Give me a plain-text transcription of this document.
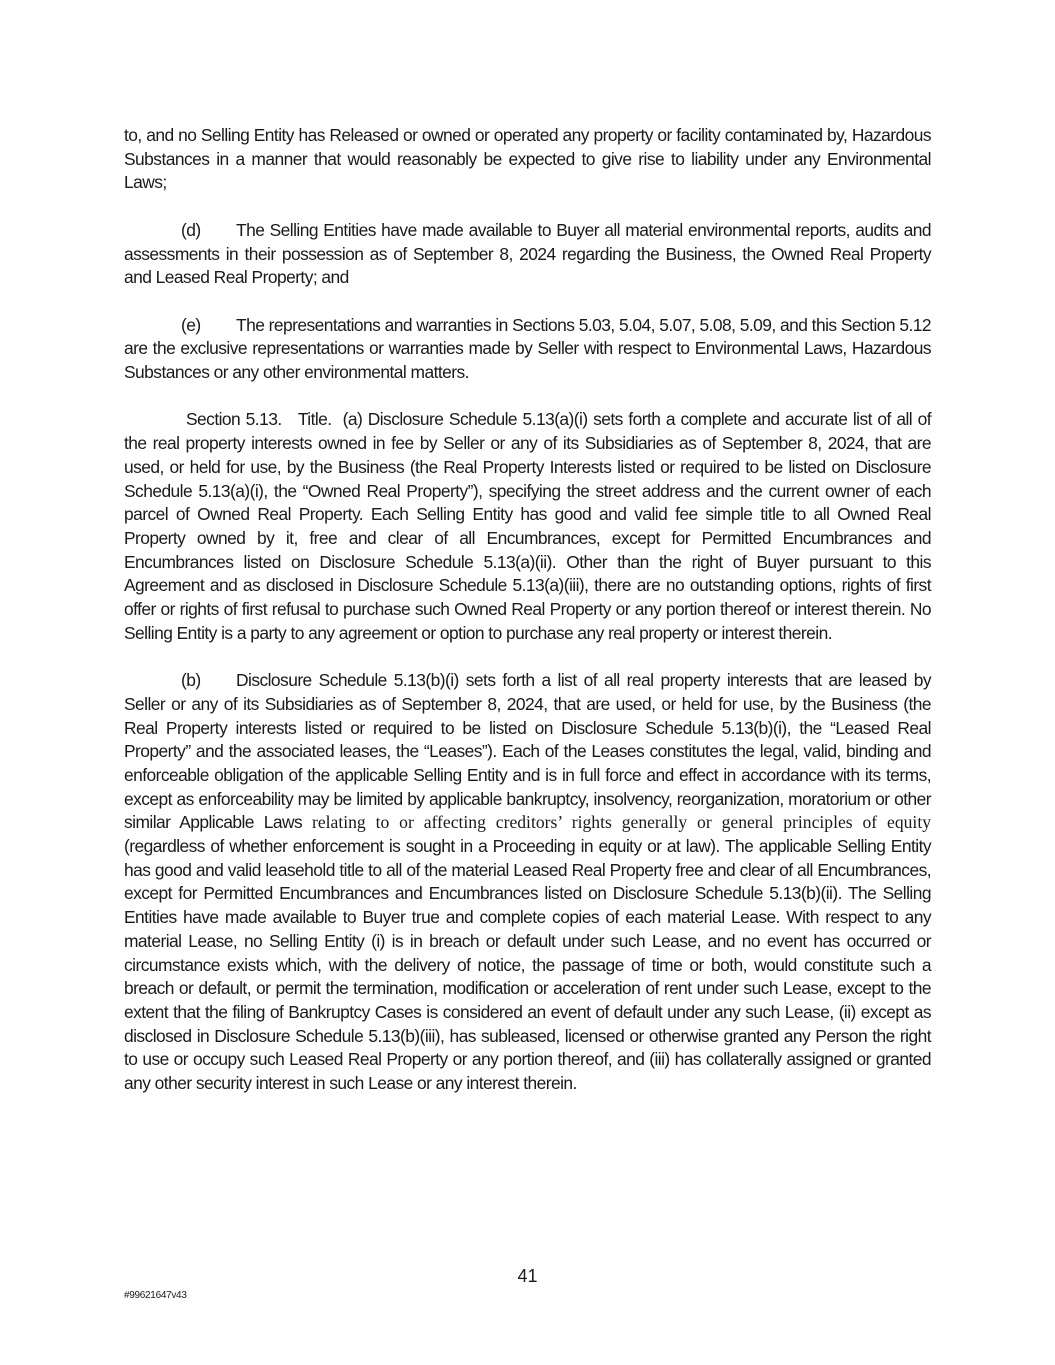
to, and no Selling Entity has Released or owned or operated any property or facility contaminated by, Hazardous Substances in a manner that would reasonably be expected to give rise to liability under any Environmental Laws;

(d) The Selling Entities have made available to Buyer all material environmental reports, audits and assessments in their possession as of September 8, 2024 regarding the Business, the Owned Real Property and Leased Real Property; and

(e) The representations and warranties in Sections 5.03, 5.04, 5.07, 5.08, 5.09, and this Section 5.12 are the exclusive representations or warranties made by Seller with respect to Environmental Laws, Hazardous Substances or any other environmental matters.

Section 5.13. Title. (a) Disclosure Schedule 5.13(a)(i) sets forth a complete and accurate list of all of the real property interests owned in fee by Seller or any of its Subsidiaries as of September 8, 2024, that are used, or held for use, by the Business (the Real Property Interests listed or required to be listed on Disclosure Schedule 5.13(a)(i), the “Owned Real Property”), specifying the street address and the current owner of each parcel of Owned Real Property. Each Selling Entity has good and valid fee simple title to all Owned Real Property owned by it, free and clear of all Encumbrances, except for Permitted Encumbrances and Encumbrances listed on Disclosure Schedule 5.13(a)(ii). Other than the right of Buyer pursuant to this Agreement and as disclosed in Disclosure Schedule 5.13(a)(iii), there are no outstanding options, rights of first offer or rights of first refusal to purchase such Owned Real Property or any portion thereof or interest therein. No Selling Entity is a party to any agreement or option to purchase any real property or interest therein.

(b) Disclosure Schedule 5.13(b)(i) sets forth a list of all real property interests that are leased by Seller or any of its Subsidiaries as of September 8, 2024, that are used, or held for use, by the Business (the Real Property interests listed or required to be listed on Disclosure Schedule 5.13(b)(i), the “Leased Real Property” and the associated leases, the “Leases”). Each of the Leases constitutes the legal, valid, binding and enforceable obligation of the applicable Selling Entity and is in full force and effect in accordance with its terms, except as enforceability may be limited by applicable bankruptcy, insolvency, reorganization, moratorium or other similar Applicable Laws relating to or affecting creditors’ rights generally or general principles of equity (regardless of whether enforcement is sought in a Proceeding in equity or at law). The applicable Selling Entity has good and valid leasehold title to all of the material Leased Real Property free and clear of all Encumbrances, except for Permitted Encumbrances and Encumbrances listed on Disclosure Schedule 5.13(b)(ii). The Selling Entities have made available to Buyer true and complete copies of each material Lease. With respect to any material Lease, no Selling Entity (i) is in breach or default under such Lease, and no event has occurred or circumstance exists which, with the delivery of notice, the passage of time or both, would constitute such a breach or default, or permit the termination, modification or acceleration of rent under such Lease, except to the extent that the filing of Bankruptcy Cases is considered an event of default under any such Lease, (ii) except as disclosed in Disclosure Schedule 5.13(b)(iii), has subleased, licensed or otherwise granted any Person the right to use or occupy such Leased Real Property or any portion thereof, and (iii) has collaterally assigned or granted any other security interest in such Lease or any interest therein.

41
#99621647v43
